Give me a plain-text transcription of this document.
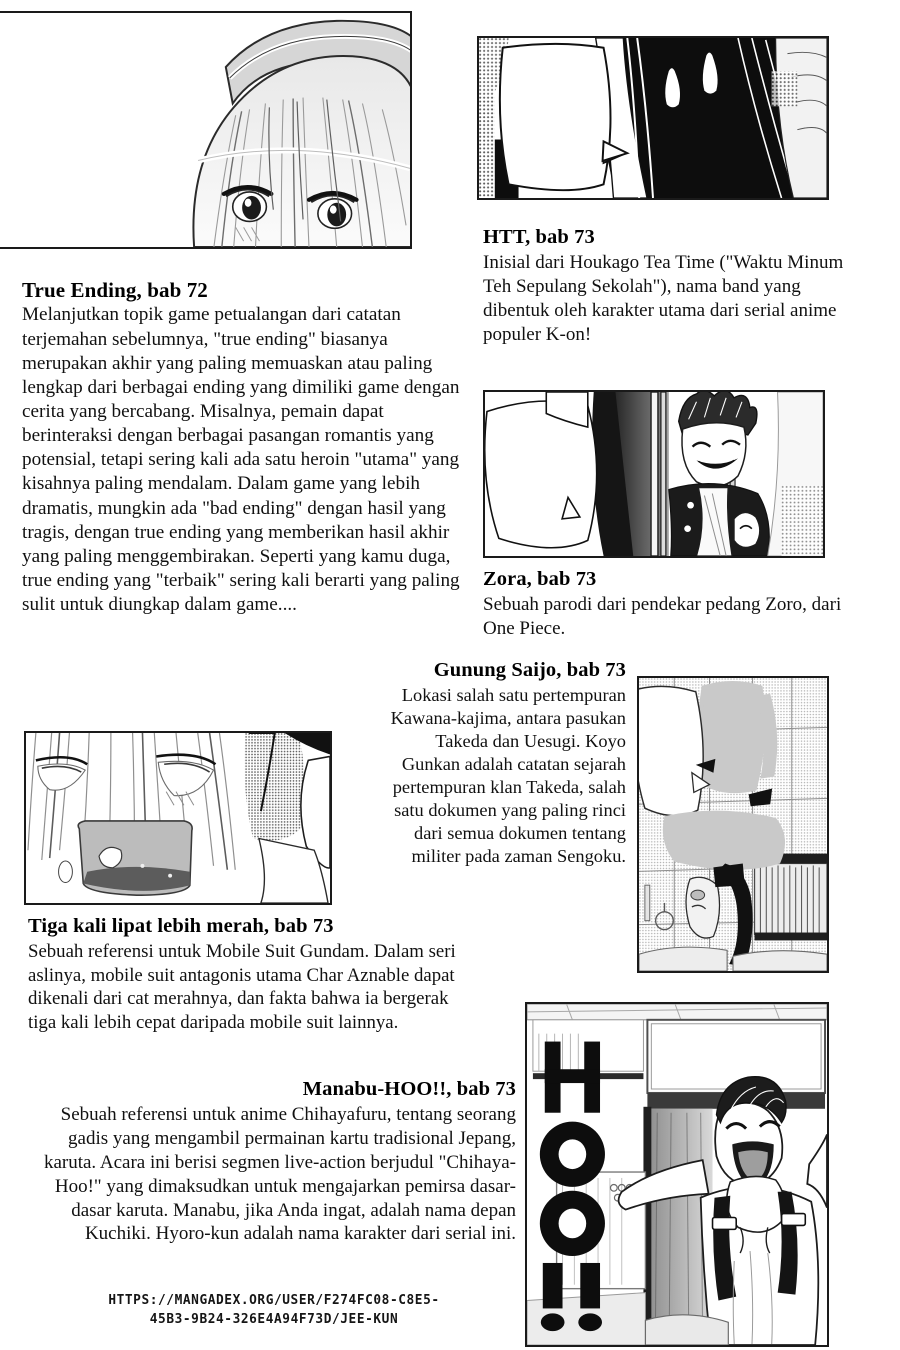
True Ending, bab 72

Melanjutkan topik game petualangan dari catatan terjemahan sebelumnya, "true ending" biasanya merupakan akhir yang paling memuaskan atau paling lengkap dari berbagai ending yang dimiliki game dengan cerita yang bercabang. Misalnya, pemain dapat berinteraksi dengan berbagai pasangan romantis yang potensial, tetapi sering kali ada satu heroin "utama" yang kisahnya paling mendalam. Dalam game yang lebih dramatis, mungkin ada "bad ending" dengan hasil yang tragis, dengan true ending yang memberikan hasil akhir yang paling menggembirakan. Seperti yang kamu duga, true ending yang "terbaik" sering kali berarti yang paling sulit untuk diungkap dalam game....

HTT, bab 73

Inisial dari Houkago Tea Time ("Waktu Minum Teh Sepulang Sekolah"), nama band yang dibentuk oleh karakter utama dari serial anime populer K-on!

Zora, bab 73

Sebuah parodi dari pendekar pedang Zoro, dari One Piece.

Gunung Saijo, bab 73

Lokasi salah satu pertempuran Kawana-kajima, antara pasukan Takeda dan Uesugi. Koyo Gunkan adalah catatan sejarah pertempuran klan Takeda, salah satu dokumen yang paling rinci dari semua dokumen tentang militer pada zaman Sengoku.

Tiga kali lipat lebih merah, bab 73

Sebuah referensi untuk Mobile Suit Gundam. Dalam seri aslinya, mobile suit antagonis utama Char Aznable dapat dikenali dari cat merahnya, dan fakta bahwa ia bergerak tiga kali lebih cepat daripada mobile suit lainnya.

Manabu-HOO!!, bab 73

Sebuah referensi untuk anime Chihayafuru, tentang seorang gadis yang mengambil permainan kartu tradisional Jepang, karuta. Acara ini berisi segmen live-action berjudul "Chihaya-Hoo!" yang dimaksudkan untuk mengajarkan pemirsa dasar-dasar karuta. Manabu, jika Anda ingat, adalah nama depan Kuchiki. Hyoro-kun adalah nama karakter dari serial ini.

HTTPS://MANGADEX.ORG/USER/F274FC08-C8E5-
45B3-9B24-326E4A94F73D/JEE-KUN
